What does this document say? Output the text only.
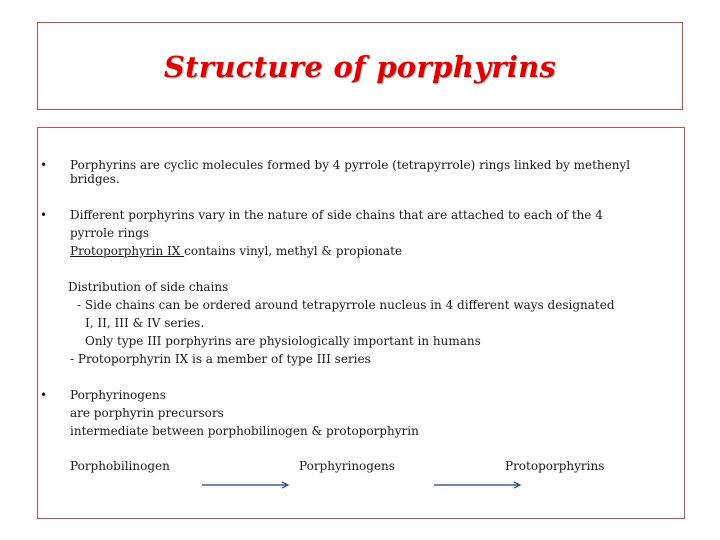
Structure of porphyrins
• Porphyrins are cyclic molecules formed by 4 pyrrole (tetrapyrrole) rings linked by methenyl

bridges.

• Different porphyrins vary in the nature of side chains that are attached to each of the 4

pyrrole rings

Protoporphyrin IX contains vinyl, methyl & propionate

Distribution of side chains

- Side chains can be ordered around tetrapyrrole nucleus in 4 different ways designated

I, II, III & IV series.

Only type III porphyrins are physiologically important in humans

- Protoporphyrin IX is a member of type III series

• Porphyrinogens

are porphyrin precursors

intermediate between porphobilinogen & protoporphyrin

Porphobilinogen	Porphyrinogens	Protoporphyrins
